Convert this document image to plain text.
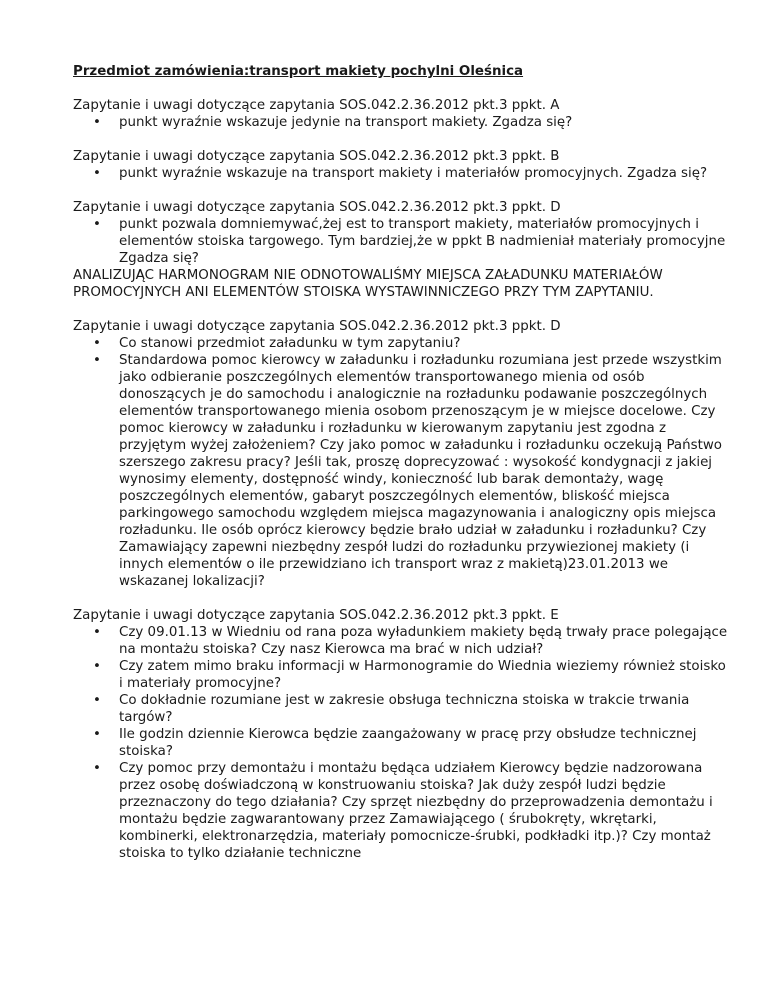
Przedmiot zamówienia:transport makiety pochylni Oleśnica

Zapytanie i uwagi dotyczące zapytania SOS.042.2.36.2012 pkt.3 ppkt. A

• punkt wyraźnie wskazuje jedynie na transport makiety. Zgadza się?

Zapytanie i uwagi dotyczące zapytania SOS.042.2.36.2012 pkt.3 ppkt. B

• punkt wyraźnie wskazuje na transport makiety i materiałów promocyjnych. Zgadza się?

Zapytanie i uwagi dotyczące zapytania SOS.042.2.36.2012 pkt.3 ppkt. D

• punkt pozwala domniemywać,żej est to transport makiety, materiałów promocyjnych i elementów stoiska targowego. Tym bardziej,że w ppkt B nadmieniał materiały promocyjne Zgadza się?

ANALIZUJĄC HARMONOGRAM NIE ODNOTOWALIŚMY MIEJSCA ZAŁADUNKU MATERIAŁÓW PROMOCYJNYCH ANI ELEMENTÓW STOISKA WYSTAWINNICZEGO PRZY TYM ZAPYTANIU.

Zapytanie i uwagi dotyczące zapytania SOS.042.2.36.2012 pkt.3 ppkt. D

• Co stanowi przedmiot załadunku w tym zapytaniu?
• Standardowa pomoc kierowcy w załadunku i rozładunku rozumiana jest przede wszystkim jako odbieranie poszczególnych elementów transportowanego mienia od osób donoszących je do samochodu i analogicznie na rozładunku podawanie poszczególnych elementów transportowanego mienia osobom przenoszącym je w miejsce docelowe. Czy pomoc kierowcy w załadunku i rozładunku w kierowanym zapytaniu jest zgodna z przyjętym wyżej założeniem? Czy jako pomoc w załadunku i rozładunku oczekują Państwo szerszego zakresu pracy? Jeśli tak, proszę doprecyzować : wysokość kondygnacji z jakiej wynosimy elementy, dostępność windy, konieczność lub barak demontaży, wagę poszczególnych elementów, gabaryt poszczególnych elementów, bliskość miejsca parkingowego samochodu względem miejsca magazynowania i analogiczny opis miejsca rozładunku. Ile osób oprócz kierowcy będzie brało udział w załadunku i rozładunku? Czy Zamawiający zapewni niezbędny zespół ludzi do rozładunku przywiezionej makiety (i innych elementów o ile przewidziano ich transport wraz z makietą)23.01.2013 we wskazanej lokalizacji?

Zapytanie i uwagi dotyczące zapytania SOS.042.2.36.2012 pkt.3 ppkt. E

• Czy 09.01.13 w Wiedniu od rana poza wyładunkiem makiety będą trwały prace polegające na montażu stoiska? Czy nasz Kierowca ma brać w nich udział?
• Czy zatem mimo braku informacji w Harmonogramie do Wiednia wieziemy również stoisko i materiały promocyjne?
• Co dokładnie rozumiane jest w zakresie obsługa techniczna stoiska w trakcie trwania targów?
• Ile godzin dziennie Kierowca będzie zaangażowany w pracę przy obsłudze technicznej stoiska?
• Czy pomoc przy demontażu i montażu będąca udziałem Kierowcy będzie nadzorowana przez osobę doświadczoną w konstruowaniu stoiska? Jak duży zespół ludzi będzie przeznaczony do tego działania? Czy sprzęt niezbędny do przeprowadzenia demontażu i montażu będzie zagwarantowany przez Zamawiającego ( śrubokręty, wkrętarki, kombinerki, elektronarzędzia, materiały pomocnicze-śrubki, podkładki itp.)? Czy montaż stoiska to tylko działanie techniczne
